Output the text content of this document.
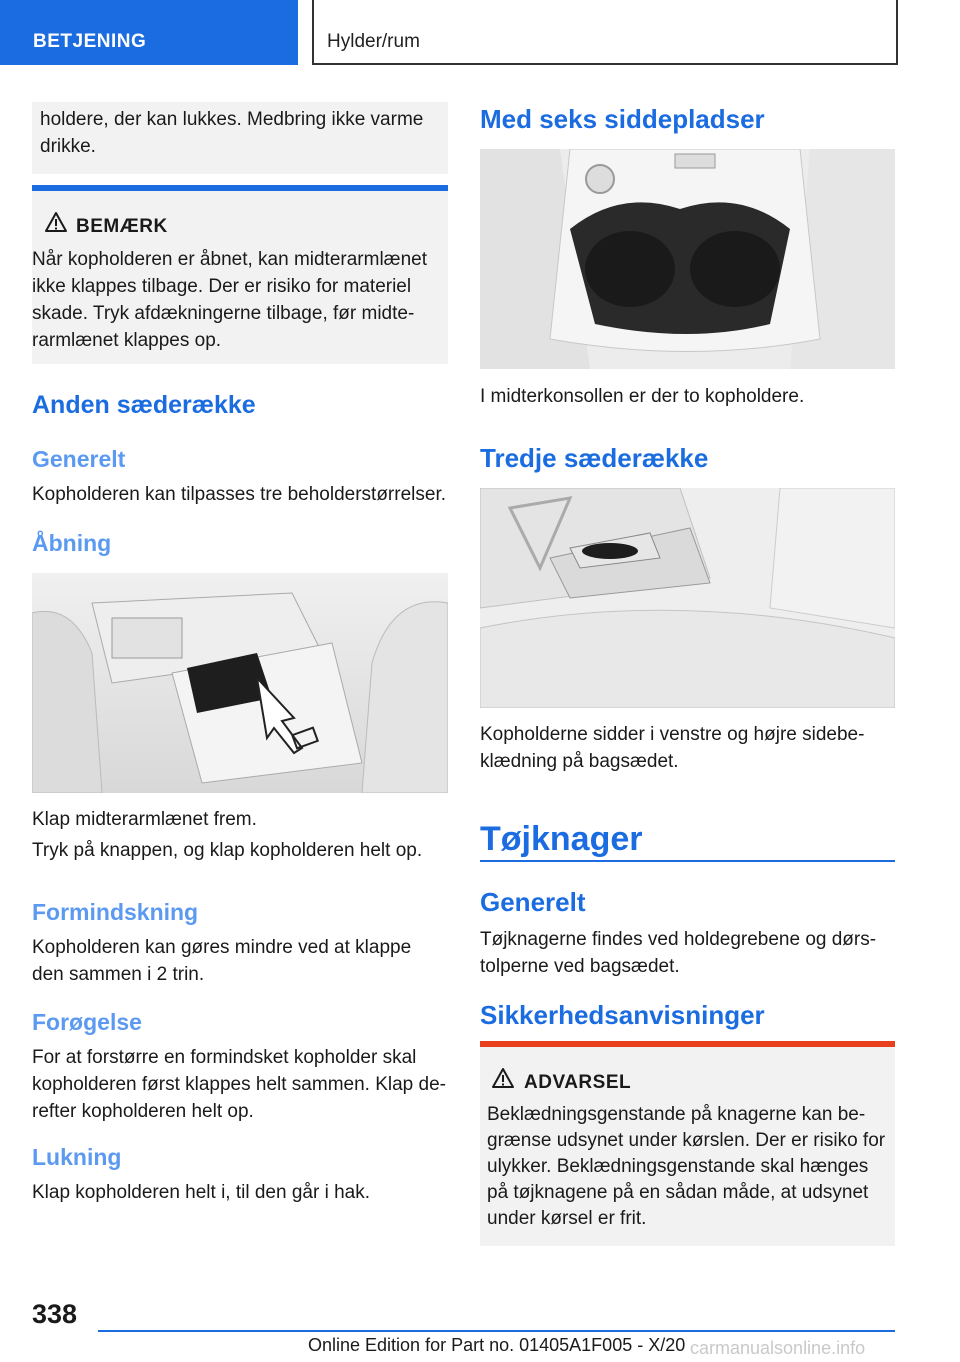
BETJENING	Hylder/rum
holdere, der kan lukkes. Medbring ikke varme
drikke.
BEMÆRK
Når kopholderen er åbnet, kan midterarmlænet
ikke klappes tilbage. Der er risiko for materiel
skade. Tryk afdækningerne tilbage, før midte‐
rarmlænet klappes op.
Anden sæderække
Generelt
Kopholderen kan tilpasses tre beholderstørrelser.
Åbning
Klap midterarmlænet frem.
Tryk på knappen, og klap kopholderen helt op.
Formindskning
Kopholderen kan gøres mindre ved at klappe
den sammen i 2 trin.
Forøgelse
For at forstørre en formindsket kopholder skal
kopholderen først klappes helt sammen. Klap de‐
refter kopholderen helt op.
Lukning
Klap kopholderen helt i, til den går i hak.
Med seks siddepladser
I midterkonsollen er der to kopholdere.
Tredje sæderække
Kopholderne sidder i venstre og højre sidebe‐
klædning på bagsædet.
Tøjknager
Generelt
Tøjknagerne findes ved holdegrebene og dørs‐
tolperne ved bagsædet.
Sikkerhedsanvisninger
ADVARSEL
Beklædningsgenstande på knagerne kan be‐
grænse udsynet under kørslen. Der er risiko for
ulykker. Beklædningsgenstande skal hænges
på tøjknagene på en sådan måde, at udsynet
under kørsel er frit.
338
Online Edition for Part no. 01405A1F005 - X/20 carmanualsonline.info
